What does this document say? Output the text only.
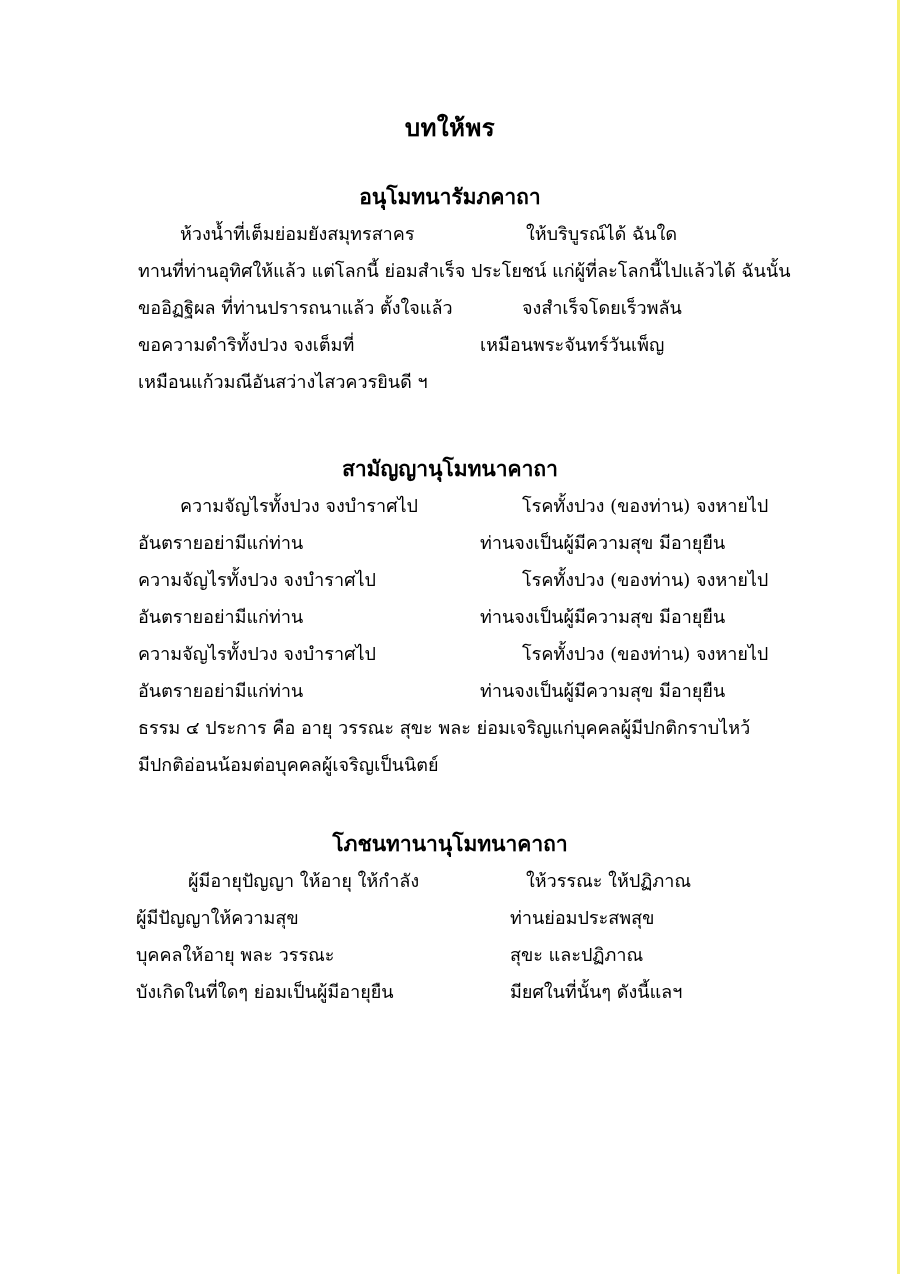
บทให้พร
อนุโมทนารัมภคาถา
ห้วงน้ำที่เต็มย่อมยังสมุทรสาคร	ให้บริบูรณ์ได้ ฉันใด
ทานที่ท่านอุทิศให้แล้ว แต่โลกนี้ ย่อมสำเร็จ ประโยชน์ แก่ผู้ที่ละโลกนี้ไปแล้วได้ ฉันนั้น
ขออิฏฐิผล ที่ท่านปรารถนาแล้ว ตั้งใจแล้ว	จงสำเร็จโดยเร็วพลัน
ขอความดำริทั้งปวง จงเต็มที่	เหมือนพระจันทร์วันเพ็ญ
เหมือนแก้วมณีอันสว่างไสวควรยินดี ฯ
สามัญญานุโมทนาคาถา
ความจัญไรทั้งปวง จงบำราศไป	โรคทั้งปวง (ของท่าน) จงหายไป
อันตรายอย่ามีแก่ท่าน	ท่านจงเป็นผู้มีความสุข มีอายุยืน
ความจัญไรทั้งปวง จงบำราศไป	โรคทั้งปวง (ของท่าน) จงหายไป
อันตรายอย่ามีแก่ท่าน	ท่านจงเป็นผู้มีความสุข มีอายุยืน
ความจัญไรทั้งปวง จงบำราศไป	โรคทั้งปวง (ของท่าน) จงหายไป
อันตรายอย่ามีแก่ท่าน	ท่านจงเป็นผู้มีความสุข มีอายุยืน
ธรรม ๔ ประการ คือ อายุ วรรณะ สุขะ พละ ย่อมเจริญแก่บุคคลผู้มีปกติกราบไหว้
มีปกติอ่อนน้อมต่อบุคคลผู้เจริญเป็นนิตย์
โภชนทานานุโมทนาคาถา
ผู้มีอายุปัญญา ให้อายุ ให้กำลัง	ให้วรรณะ ให้ปฏิภาณ
ผู้มีปัญญาให้ความสุข	ท่านย่อมประสพสุข
บุคคลให้อายุ พละ วรรณะ	สุขะ และปฏิภาณ
บังเกิดในที่ใดๆ ย่อมเป็นผู้มีอายุยืน	มียศในที่นั้นๆ ดังนี้แลฯ
